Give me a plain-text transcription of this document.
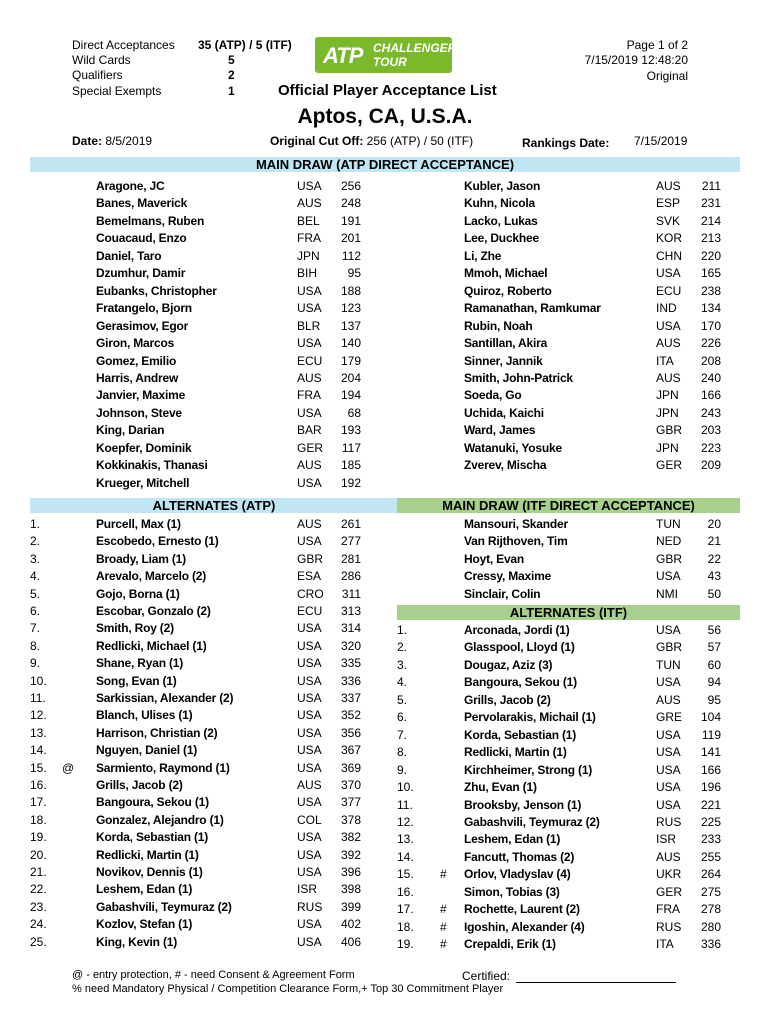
Direct Acceptances 35 (ATP) / 5 (ITF)
Wild Cards	5
Qualifiers	2
Special Exempts	1
ATP CHALLENGER
TOUR
Page 1 of 2
7/15/2019 12:48:20
Original
Official Player Acceptance List
Aptos, CA, U.S.A.
Date: 8/5/2019	Original Cut Off: 256 (ATP) / 50 (ITF)	Rankings Date: 7/15/2019
MAIN DRAW (ATP DIRECT ACCEPTANCE)
ALTERNATES (ATP)	MAIN DRAW (ITF DIRECT ACCEPTANCE)
ALTERNATES (ITF)
Aragone, JC	USA	256
Banes, Maverick	AUS	248
Bemelmans, Ruben	BEL	191
Couacaud, Enzo	FRA	201
Daniel, Taro	JPN	112
Dzumhur, Damir	BIH	95
Eubanks, Christopher	USA	188
Fratangelo, Bjorn	USA	123
Gerasimov, Egor	BLR	137
Giron, Marcos	USA	140
Gomez, Emilio	ECU	179
Harris, Andrew	AUS	204
Janvier, Maxime	FRA	194
Johnson, Steve	USA	68
King, Darian	BAR	193
Koepfer, Dominik	GER	117
Kokkinakis, Thanasi	AUS	185
Krueger, Mitchell	USA	192
Kubler, Jason	AUS	211
Kuhn, Nicola	ESP	231
Lacko, Lukas	SVK	214
Lee, Duckhee	KOR	213
Li, Zhe	CHN	220
Mmoh, Michael	USA	165
Quiroz, Roberto	ECU	238
Ramanathan, Ramkumar	IND	134
Rubin, Noah	USA	170
Santillan, Akira	AUS	226
Sinner, Jannik	ITA	208
Smith, John-Patrick	AUS	240
Soeda, Go	JPN	166
Uchida, Kaichi	JPN	243
Ward, James	GBR	203
Watanuki, Yosuke	JPN	223
Zverev, Mischa	GER	209
1.	Purcell, Max (1)	AUS	261
2.	Escobedo, Ernesto (1)	USA	277
3.	Broady, Liam (1)	GBR	281
4.	Arevalo, Marcelo (2)	ESA	286
5.	Gojo, Borna (1)	CRO	311
6.	Escobar, Gonzalo (2)	ECU	313
7.	Smith, Roy (2)	USA	314
8.	Redlicki, Michael (1)	USA	320
9.	Shane, Ryan (1)	USA	335
10.	Song, Evan (1)	USA	336
11.	Sarkissian, Alexander (2)	USA	337
12.	Blanch, Ulises (1)	USA	352
13.	Harrison, Christian (2)	USA	356
14.	Nguyen, Daniel (1)	USA	367
15. @ Sarmiento, Raymond (1)	USA	369
16.	Grills, Jacob (2)	AUS	370
17.	Bangoura, Sekou (1)	USA	377
18.	Gonzalez, Alejandro (1)	COL	378
19.	Korda, Sebastian (1)	USA	382
20.	Redlicki, Martin (1)	USA	392
21.	Novikov, Dennis (1)	USA	396
22.	Leshem, Edan (1)	ISR	398
23.	Gabashvili, Teymuraz (2)	RUS	399
24.	Kozlov, Stefan (1)	USA	402
25.	King, Kevin (1)	USA	406
Mansouri, Skander	TUN	20
Van Rijthoven, Tim	NED	21
Hoyt, Evan	GBR	22
Cressy, Maxime	USA	43
Sinclair, Colin	NMI	50
1.	Arconada, Jordi (1)	USA	56
2.	Glasspool, Lloyd (1)	GBR	57
3.	Dougaz, Aziz (3)	TUN	60
4.	Bangoura, Sekou (1)	USA	94
5.	Grills, Jacob (2)	AUS	95
6.	Pervolarakis, Michail (1)	GRE	104
7.	Korda, Sebastian (1)	USA	119
8.	Redlicki, Martin (1)	USA	141
9.	Kirchheimer, Strong (1)	USA	166
10.	Zhu, Evan (1)	USA	196
11.	Brooksby, Jenson (1)	USA	221
12.	Gabashvili, Teymuraz (2)	RUS	225
13.	Leshem, Edan (1)	ISR	233
14.	Fancutt, Thomas (2)	AUS	255
15. # Orlov, Vladyslav (4)	UKR	264
16.	Simon, Tobias (3)	GER	275
17. # Rochette, Laurent (2)	FRA	278
18. # Igoshin, Alexander (4)	RUS	280
19. # Crepaldi, Erik (1)	ITA	336
@ - entry protection, # - need Consent & Agreement Form
% need Mandatory Physical / Competition Clearance Form,+ Top 30 Commitment Player
Certified:
